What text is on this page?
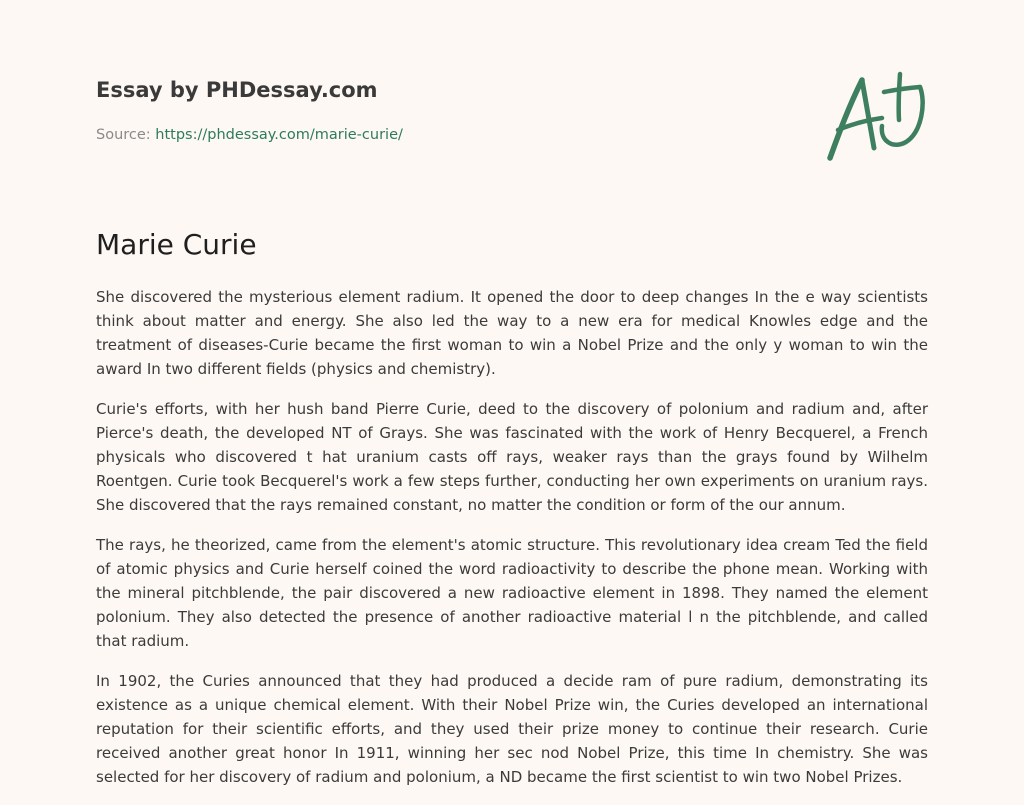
Essay by PHDessay.com
Source: https://phdessay.com/marie-curie/
Marie Curie

She discovered the mysterious element radium. It opened the door to deep changes In the e way scientists think about matter and energy. She also led the way to a new era for medical Knowles edge and the treatment of diseases-Curie became the first woman to win a Nobel Prize and the only y woman to win the award In two different fields (physics and chemistry).

Curie's efforts, with her hush band Pierre Curie, deed to the discovery of polonium and radium and, after Pierce's death, the developed NT of Grays. She was fascinated with the work of Henry Becquerel, a French physicals who discovered t hat uranium casts off rays, weaker rays than the grays found by Wilhelm Roentgen. Curie took Becquerel's work a few steps further, conducting her own experiments on uranium rays. She discovered that the rays remained constant, no matter the condition or form of the our annum.

The rays, he theorized, came from the element's atomic structure. This revolutionary idea cream Ted the field of atomic physics and Curie herself coined the word radioactivity to describe the phone mean. Working with the mineral pitchblende, the pair discovered a new radioactive element in 1898. They named the element polonium. They also detected the presence of another radioactive material l n the pitchblende, and called that radium.

In 1902, the Curies announced that they had produced a decide ram of pure radium, demonstrating its existence as a unique chemical element. With their Nobel Prize win, the Curies developed an international reputation for their scientific efforts, and they used their prize money to continue their research. Curie received another great honor In 1911, winning her sec nod Nobel Prize, this time In chemistry. She was selected for her discovery of radium and polonium, a ND became the first scientist to win two Nobel Prizes.
